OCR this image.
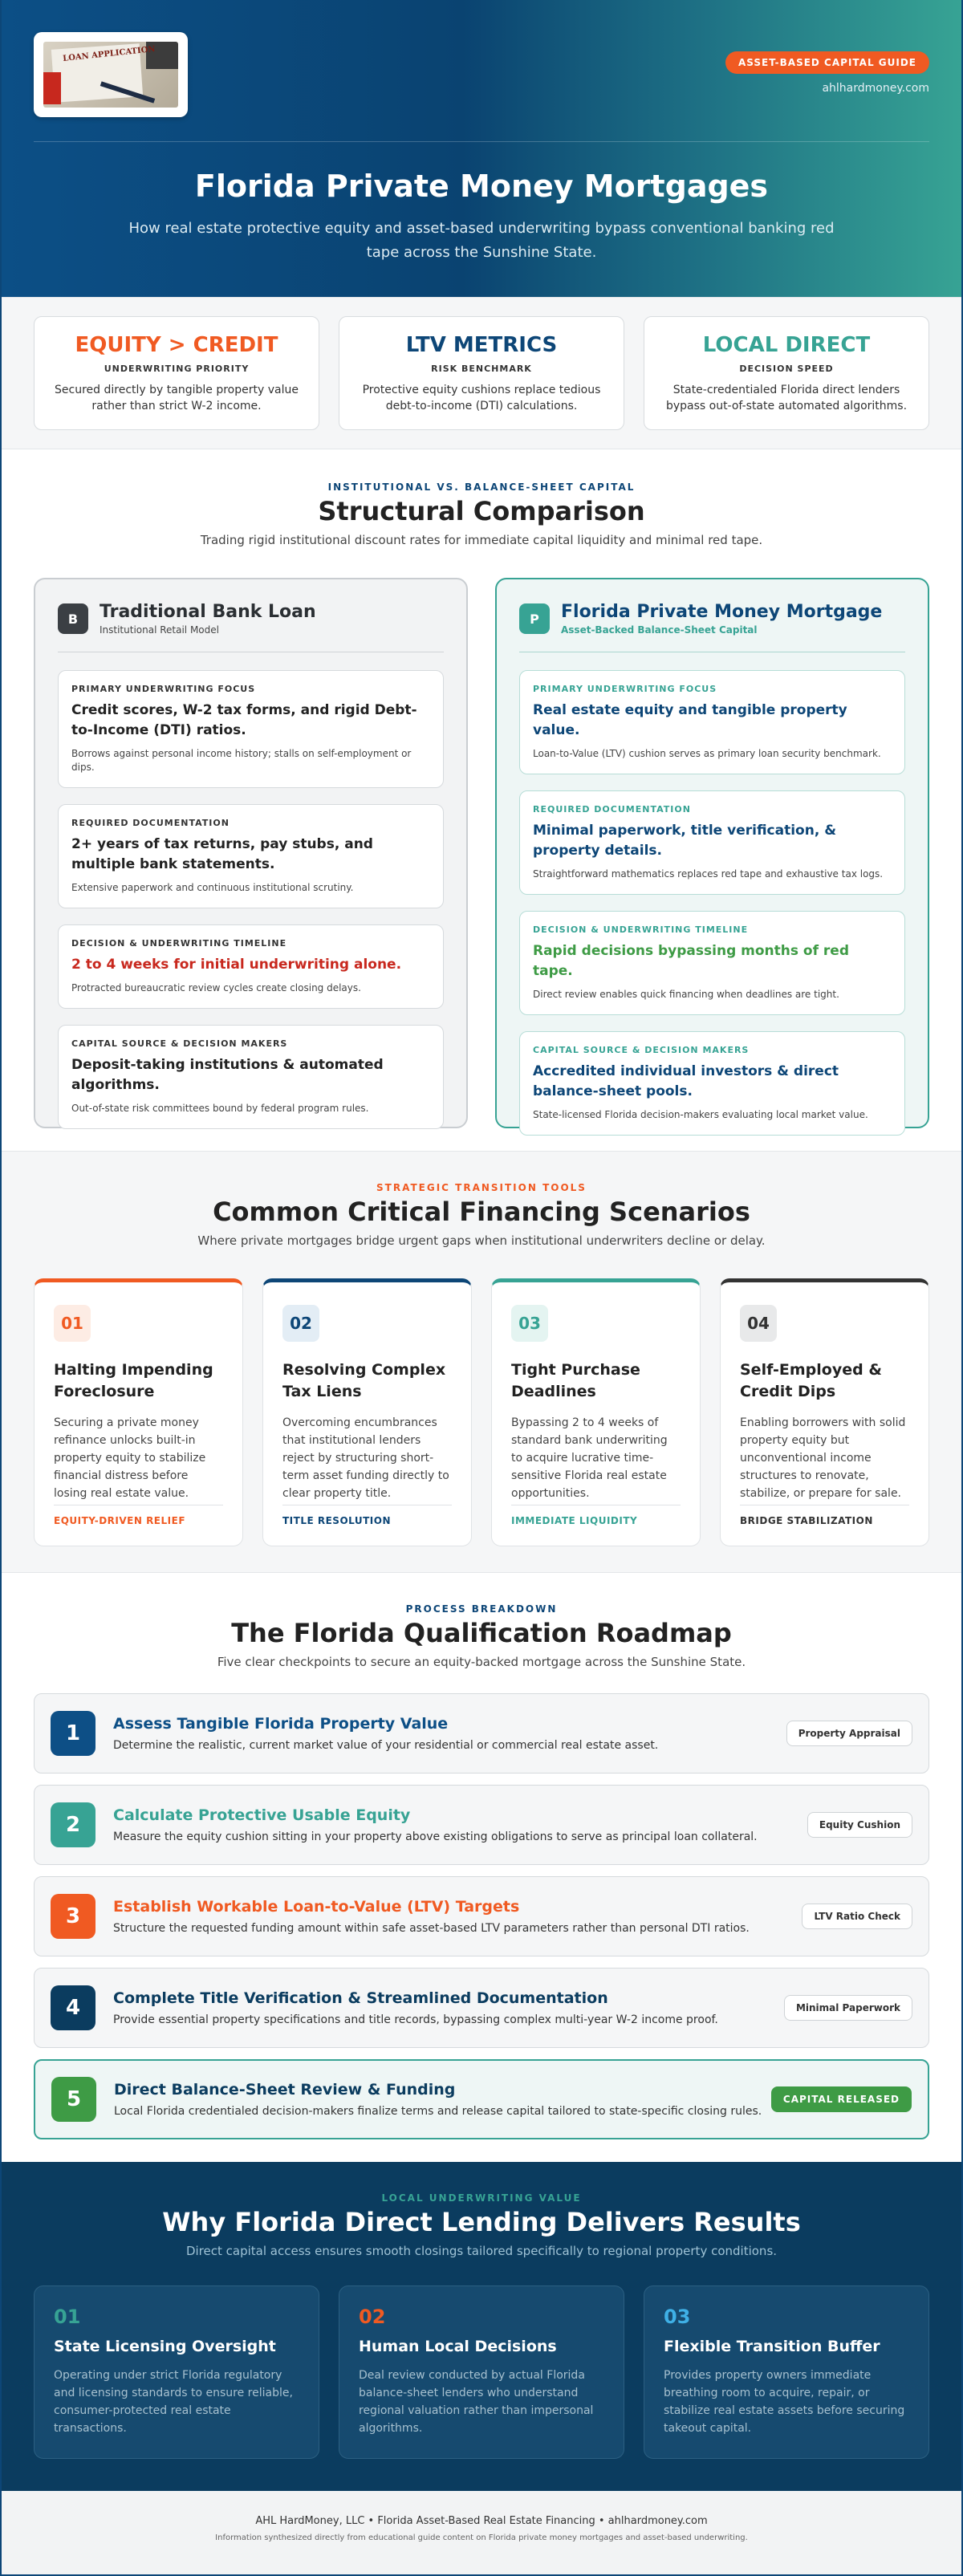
LOAN APPLICATION	ASSET-BASED CAPITAL GUIDE
ahlhardmoney.com
Florida Private Money Mortgages

How real estate protective equity and asset-based underwriting bypass conventional banking red tape across the Sunshine State.

EQUITY > CREDIT
UNDERWRITING PRIORITY
Secured directly by tangible property value rather than strict W-2 income.
LTV METRICS
RISK BENCHMARK
Protective equity cushions replace tedious debt-to-income (DTI) calculations.
LOCAL DIRECT
DECISION SPEED
State-credentialed Florida direct lenders bypass out-of-state automated algorithms.
INSTITUTIONAL VS. BALANCE-SHEET CAPITAL
Structural Comparison

Trading rigid institutional discount rates for immediate capital liquidity and minimal red tape.

B	Traditional Bank Loan
Institutional Retail Model
PRIMARY UNDERWRITING FOCUS
Credit scores, W-2 tax forms, and rigid Debt-to-Income (DTI) ratios.
Borrows against personal income history; stalls on self-employment or dips.
REQUIRED DOCUMENTATION
2+ years of tax returns, pay stubs, and multiple bank statements.
Extensive paperwork and continuous institutional scrutiny.
DECISION & UNDERWRITING TIMELINE
2 to 4 weeks for initial underwriting alone.
Protracted bureaucratic review cycles create closing delays.
CAPITAL SOURCE & DECISION MAKERS
Deposit-taking institutions & automated algorithms.
Out-of-state risk committees bound by federal program rules.
P	Florida Private Money Mortgage
Asset-Backed Balance-Sheet Capital
PRIMARY UNDERWRITING FOCUS
Real estate equity and tangible property value.
Loan-to-Value (LTV) cushion serves as primary loan security benchmark.
REQUIRED DOCUMENTATION
Minimal paperwork, title verification, & property details.
Straightforward mathematics replaces red tape and exhaustive tax logs.
DECISION & UNDERWRITING TIMELINE
Rapid decisions bypassing months of red tape.
Direct review enables quick financing when deadlines are tight.
CAPITAL SOURCE & DECISION MAKERS
Accredited individual investors & direct balance-sheet pools.
State-licensed Florida decision-makers evaluating local market value.
STRATEGIC TRANSITION TOOLS
Common Critical Financing Scenarios

Where private mortgages bridge urgent gaps when institutional underwriters decline or delay.

01
Halting Impending Foreclosure
Securing a private money refinance unlocks built-in property equity to stabilize financial distress before losing real estate value.
EQUITY-DRIVEN RELIEF
02
Resolving Complex Tax Liens
Overcoming encumbrances that institutional lenders reject by structuring short-term asset funding directly to clear property title.
TITLE RESOLUTION
03
Tight Purchase Deadlines
Bypassing 2 to 4 weeks of standard bank underwriting to acquire lucrative time-sensitive Florida real estate opportunities.
IMMEDIATE LIQUIDITY
04
Self-Employed & Credit Dips
Enabling borrowers with solid property equity but unconventional income structures to renovate, stabilize, or prepare for sale.
BRIDGE STABILIZATION
PROCESS BREAKDOWN
The Florida Qualification Roadmap

Five clear checkpoints to secure an equity-backed mortgage across the Sunshine State.

1	Assess Tangible Florida Property Value
Determine the realistic, current market value of your residential or commercial real estate asset.
Property Appraisal
2	Calculate Protective Usable Equity
Measure the equity cushion sitting in your property above existing obligations to serve as principal loan collateral.
Equity Cushion
3	Establish Workable Loan-to-Value (LTV) Targets
Structure the requested funding amount within safe asset-based LTV parameters rather than personal DTI ratios.
LTV Ratio Check
4	Complete Title Verification & Streamlined Documentation
Provide essential property specifications and title records, bypassing complex multi-year W-2 income proof.
Minimal Paperwork
5	Direct Balance-Sheet Review & Funding
Local Florida credentialed decision-makers finalize terms and release capital tailored to state-specific closing rules.
CAPITAL RELEASED
LOCAL UNDERWRITING VALUE
Why Florida Direct Lending Delivers Results

Direct capital access ensures smooth closings tailored specifically to regional property conditions.

01
State Licensing Oversight
Operating under strict Florida regulatory and licensing standards to ensure reliable, consumer-protected real estate transactions.
02
Human Local Decisions
Deal review conducted by actual Florida balance-sheet lenders who understand regional valuation rather than impersonal algorithms.
03
Flexible Transition Buffer
Provides property owners immediate breathing room to acquire, repair, or stabilize real estate assets before securing takeout capital.
AHL HardMoney, LLC • Florida Asset-Based Real Estate Financing • ahlhardmoney.com
Information synthesized directly from educational guide content on Florida private money mortgages and asset-based underwriting.
